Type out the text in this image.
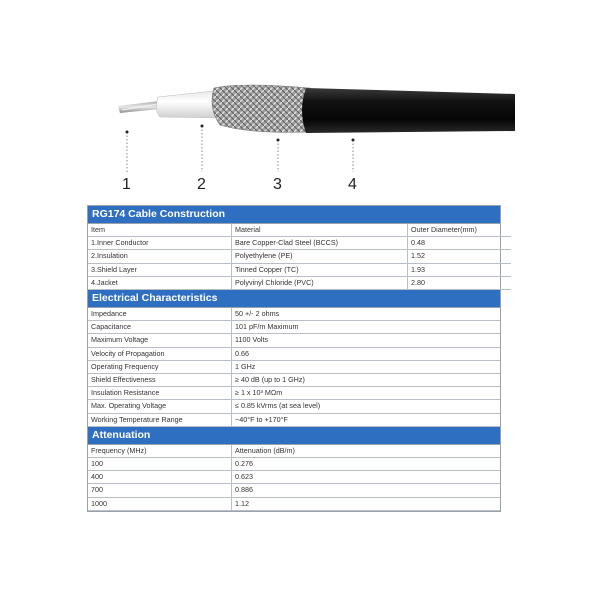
1	2	3	4
RG174 Cable Construction
Item	Material	Outer Diameter(mm)
1.Inner Conductor	Bare Copper-Clad Steel (BCCS)	0.48
2.Insulation	Polyethylene (PE)	1.52
3.Shield Layer	Tinned Copper (TC)	1.93
4.Jacket	Polyvinyl Chloride (PVC)	2.80
Electrical Characteristics
Impedance	50 +/- 2 ohms
Capacitance	101 pF/m Maximum
Maximum Voltage	1100 Volts
Velocity of Propagation	0.66
Operating Frequency	1 GHz
Shield Effectiveness	≥ 40 dB (up to 1 GHz)
Insulation Resistance	≥ 1 x 10³ MΩm
Max. Operating Voltage	≤ 0.85 kVrms (at sea level)
Working Temperature Range	−40°F to +170°F
Attenuation
Frequency (MHz)	Attenuation (dB/m)
100	0.276
400	0.623
700	0.886
1000	1.12
